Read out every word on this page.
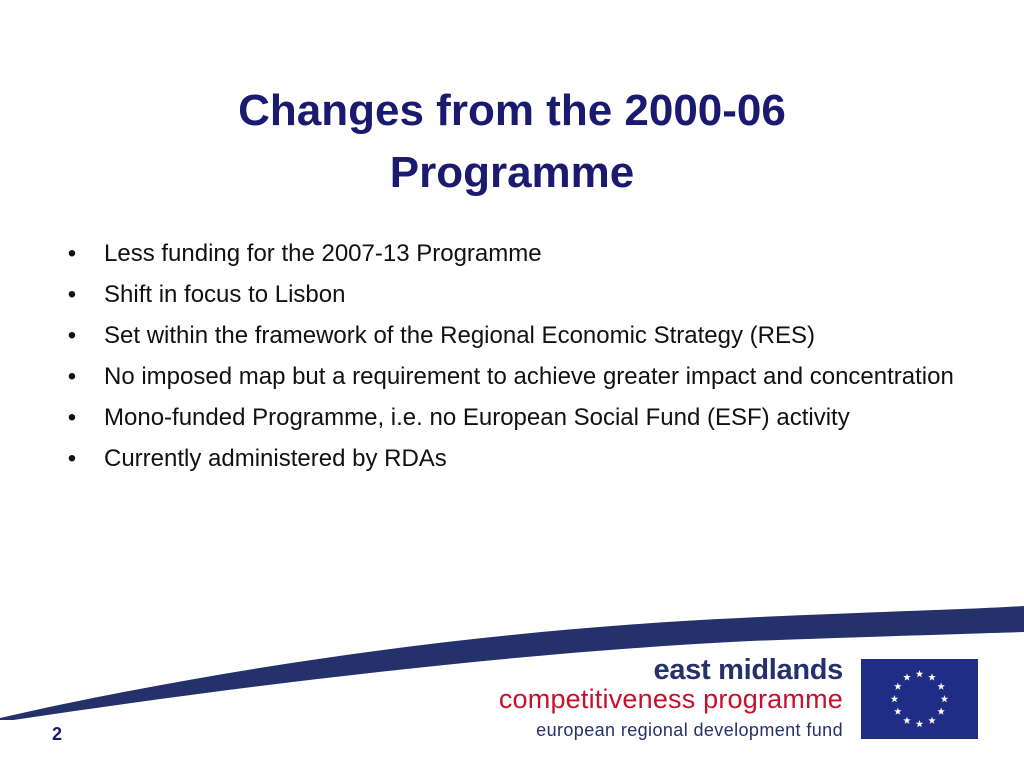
Changes from the 2000-06
Programme
• Less funding for the 2007-13 Programme
• Shift in focus to Lisbon
• Set within the framework of the Regional Economic Strategy (RES)
• No imposed map but a requirement to achieve greater impact and concentration
• Mono-funded Programme, i.e. no European Social Fund (ESF) activity
• Currently administered by RDAs
east midlands
competitiveness programme
european regional development fund
2
